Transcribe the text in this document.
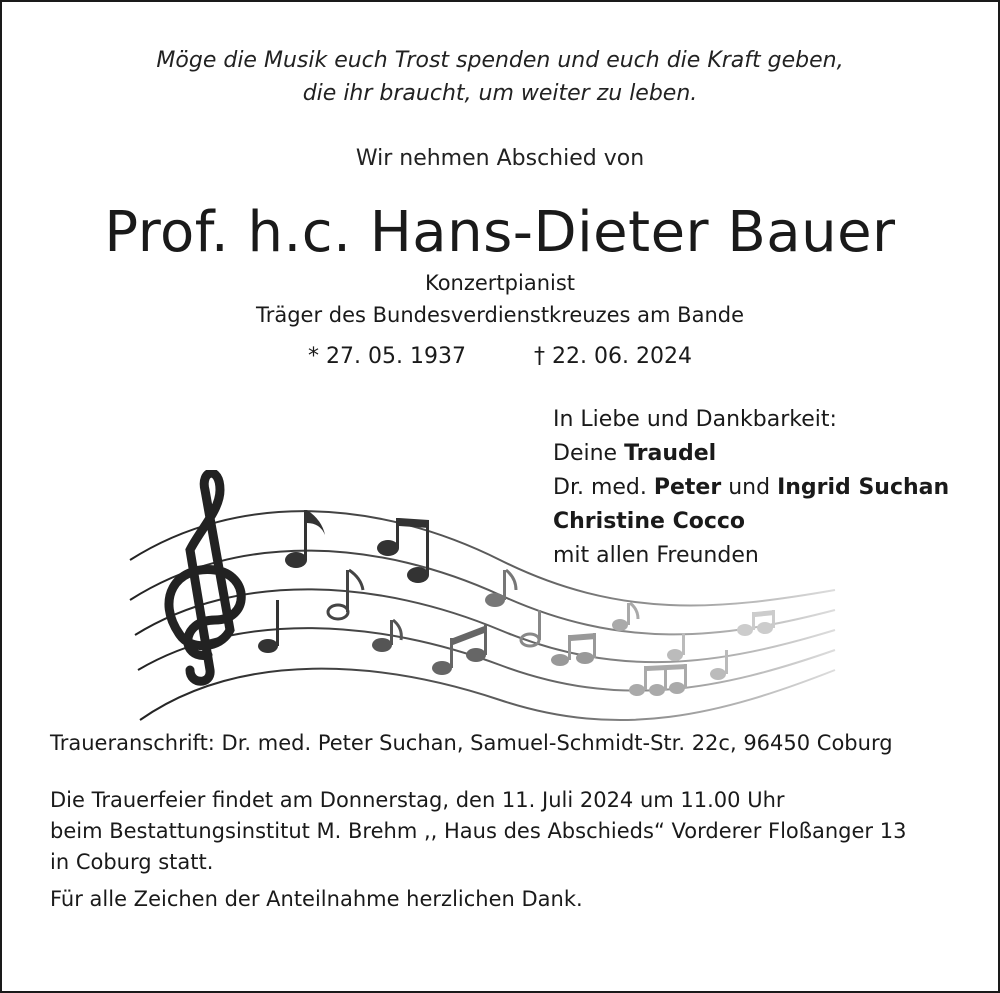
Möge die Musik euch Trost spenden und euch die Kraft geben,
die ihr braucht, um weiter zu leben.
Wir nehmen Abschied von
Prof. h.c. Hans-Dieter Bauer
Konzertpianist
Träger des Bundesverdienstkreuzes am Bande
* 27. 05. 1937	† 22. 06. 2024
In Liebe und Dankbarkeit:
Deine Traudel
Dr. med. Peter und Ingrid Suchan
Christine Cocco
mit allen Freunden
Traueranschrift: Dr. med. Peter Suchan, Samuel-Schmidt-Str. 22c, 96450 Coburg
Die Trauerfeier findet am Donnerstag, den 11. Juli 2024 um 11.00 Uhr
beim Bestattungsinstitut M. Brehm ,, Haus des Abschieds“ Vorderer Floßanger 13
in Coburg statt.
Für alle Zeichen der Anteilnahme herzlichen Dank.
